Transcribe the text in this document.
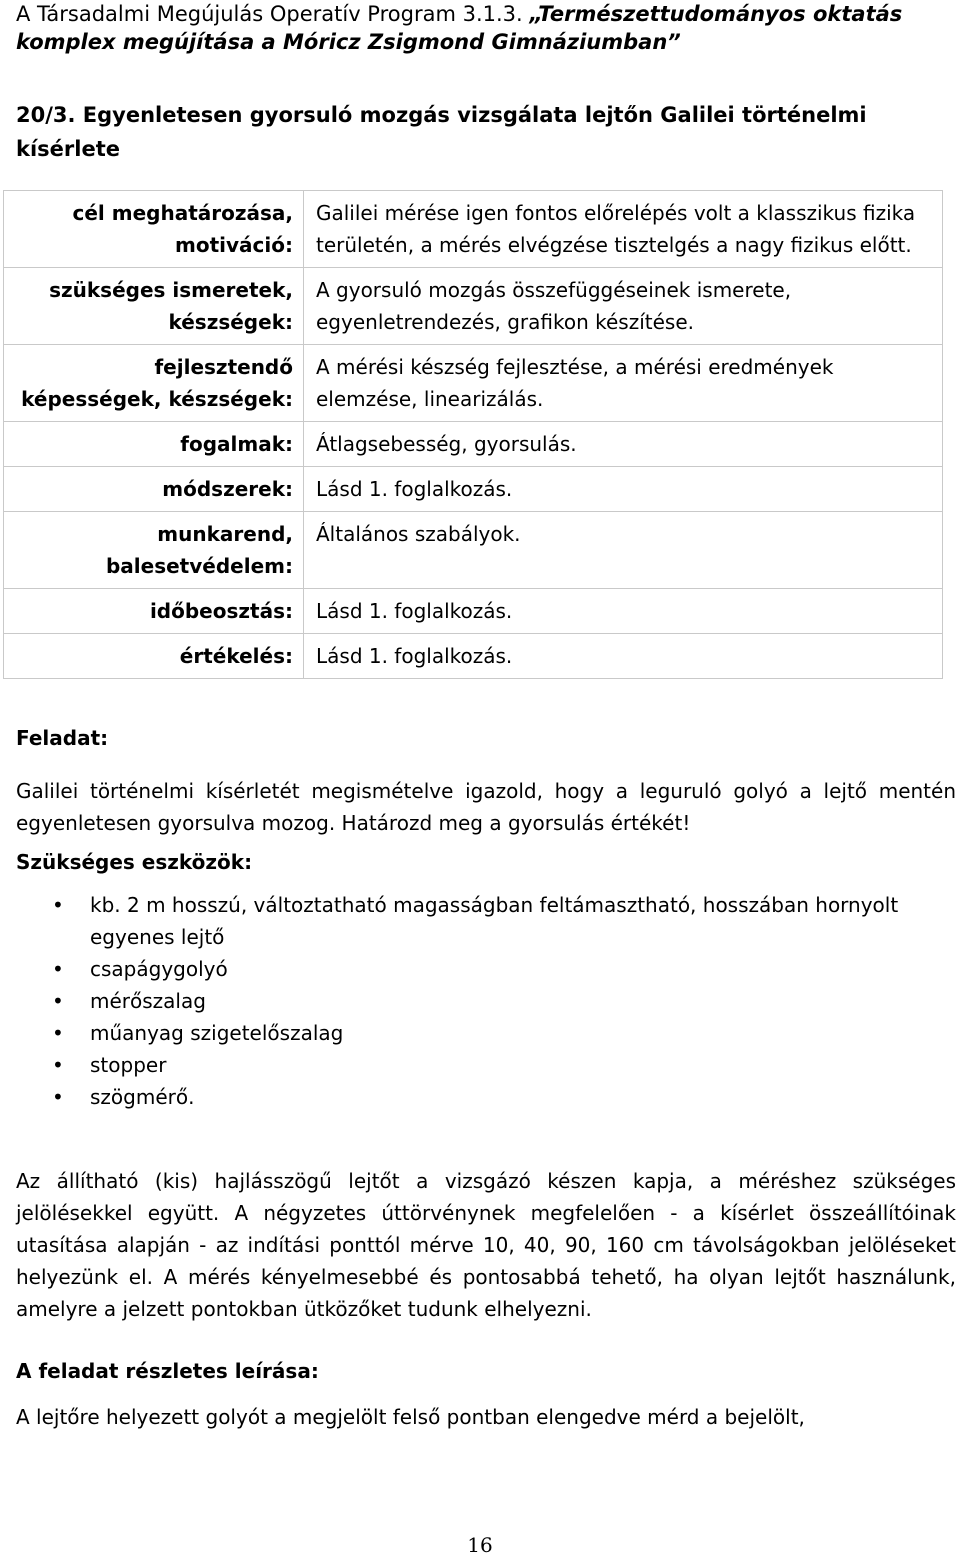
A Társadalmi Megújulás Operatív Program 3.1.3. „Természettudományos oktatás komplex megújítása a Móricz Zsigmond Gimnáziumban”
20/3. Egyenletesen gyorsuló mozgás vizsgálata lejtőn Galilei történelmi kísérlete
cél meghatározása, motiváció:	Galilei mérése igen fontos előrelépés volt a klasszikus fizika területén, a mérés elvégzése tisztelgés a nagy fizikus előtt.
szükséges ismeretek, készségek:	A gyorsuló mozgás összefüggéseinek ismerete, egyenletrendezés, grafikon készítése.
fejlesztendő képességek, készségek:	A mérési készség fejlesztése, a mérési eredmények elemzése, linearizálás.
fogalmak:	Átlagsebesség, gyorsulás.
módszerek:	Lásd 1. foglalkozás.
munkarend, balesetvédelem:	Általános szabályok.
időbeosztás:	Lásd 1. foglalkozás.
értékelés:	Lásd 1. foglalkozás.
Feladat:
Galilei történelmi kísérletét megismételve igazold, hogy a leguruló golyó a lejtő mentén egyenletesen gyorsulva mozog. Határozd meg a gyorsulás értékét!
Szükséges eszközök:
• kb. 2 m hosszú, változtatható magasságban feltámasztható, hosszában hornyolt egyenes lejtő
• csapágygolyó
• mérőszalag
• műanyag szigetelőszalag
• stopper
• szögmérő.
Az állítható (kis) hajlásszögű lejtőt a vizsgázó készen kapja, a méréshez szükséges jelölésekkel együtt. A négyzetes úttörvénynek megfelelően - a kísérlet összeállítóinak utasítása alapján - az indítási ponttól mérve 10, 40, 90, 160 cm távolságokban jelöléseket helyezünk el. A mérés kényelmesebbé és pontosabbá tehető, ha olyan lejtőt használunk, amelyre a jelzett pontokban ütközőket tudunk elhelyezni.
A feladat részletes leírása:
A lejtőre helyezett golyót a megjelölt felső pontban elengedve mérd a bejelölt,
16
